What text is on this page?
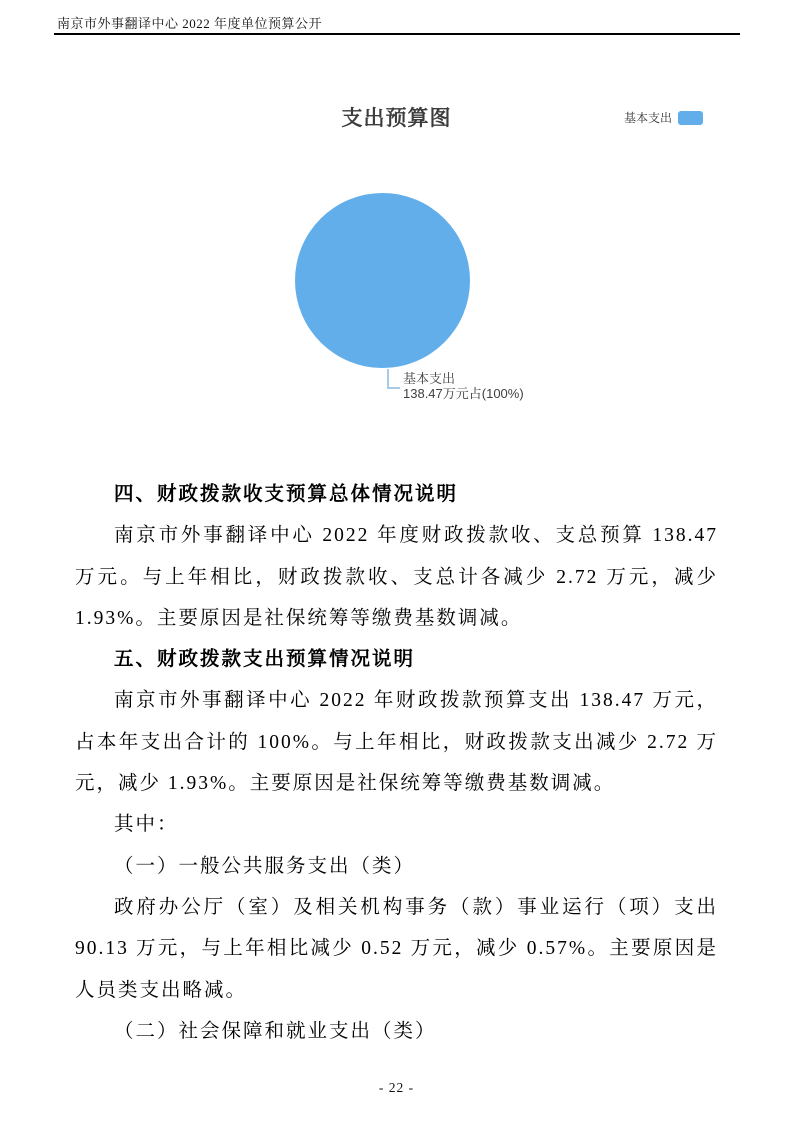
南京市外事翻译中心 2022 年度单位预算公开
支出预算图	基本支出
基本支出
138.47万元占(100%)
四、财政拨款收支预算总体情况说明

南京市外事翻译中心 2022 年度财政拨款收、支总预算 138.47 万元。与上年相比，财政拨款收、支总计各减少 2.72 万元，减少 1.93%。主要原因是社保统筹等缴费基数调减。

五、财政拨款支出预算情况说明

南京市外事翻译中心 2022 年财政拨款预算支出 138.47 万元，占本年支出合计的 100%。与上年相比，财政拨款支出减少 2.72 万元，减少 1.93%。主要原因是社保统筹等缴费基数调减。

其中：

（一）一般公共服务支出（类）

政府办公厅（室）及相关机构事务（款）事业运行（项）支出 90.13 万元，与上年相比减少 0.52 万元，减少 0.57%。主要原因是人员类支出略减。

（二）社会保障和就业支出（类）

- 22 -
